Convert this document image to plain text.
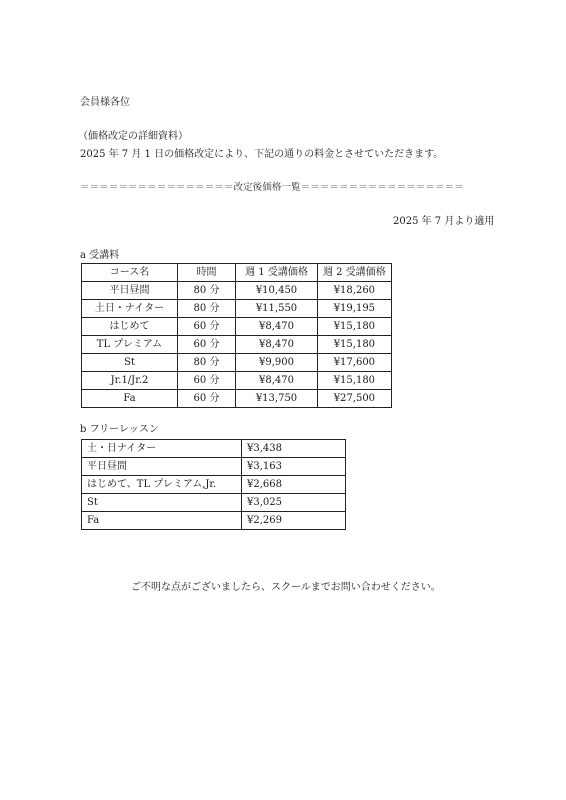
会員様各位
（価格改定の詳細資料）
2025 年 7 月 1 日の価格改定により、下記の通りの料金とさせていただきます。
＝＝＝＝＝＝＝＝＝＝＝＝＝＝＝＝改定後価格一覧＝＝＝＝＝＝＝＝＝＝＝＝＝＝＝＝＝
2025 年 7 月より適用
a 受講料
コース名	時間	週 1 受講価格	週 2 受講価格
平日昼間	80 分	¥10,450	¥18,260
土日・ナイター	80 分	¥11,550	¥19,195
はじめて	60 分	¥8,470	¥15,180
TL プレミアム	60 分	¥8,470	¥15,180
St	80 分	¥9,900	¥17,600
Jr.1/Jr.2	60 分	¥8,470	¥15,180
Fa	60 分	¥13,750	¥27,500
b フリーレッスン
土・日ナイター	¥3,438
平日昼間	¥3,163
はじめて、TL プレミアム,Jr.	¥2,668
St	¥3,025
Fa	¥2,269
ご不明な点がございましたら、スクールまでお問い合わせください。
